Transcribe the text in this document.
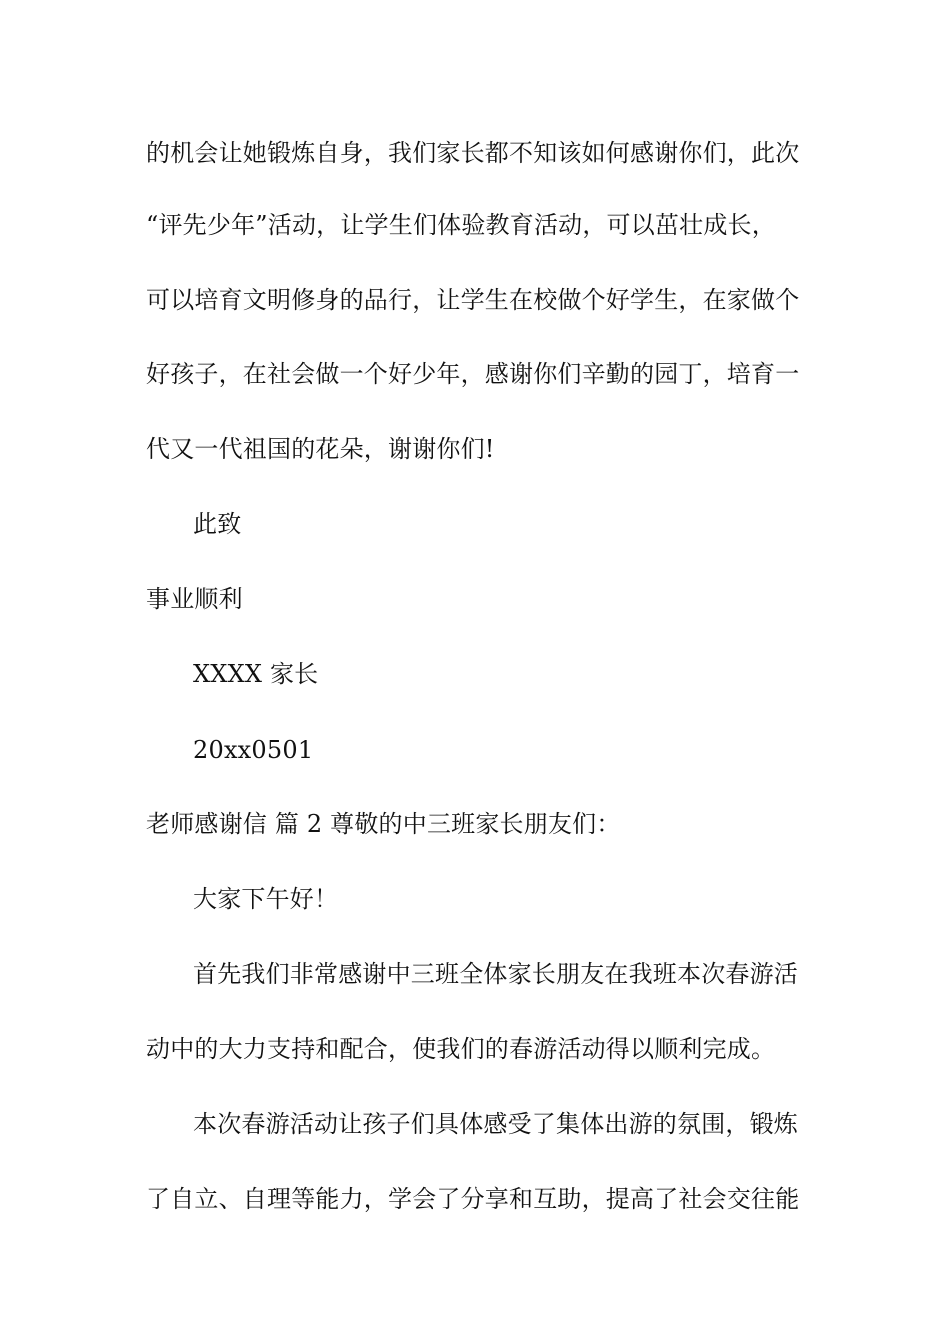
的机会让她锻炼自身，我们家长都不知该如何感谢你们，此次
“评先少年”活动，让学生们体验教育活动，可以茁壮成长，
可以培育文明修身的品行，让学生在校做个好学生，在家做个
好孩子，在社会做一个好少年，感谢你们辛勤的园丁，培育一
代又一代祖国的花朵，谢谢你们!
此致
事业顺利
XXXX 家长
20xx0501
老师感谢信 篇 2 尊敬的中三班家长朋友们：
大家下午好！
首先我们非常感谢中三班全体家长朋友在我班本次春游活
动中的大力支持和配合，使我们的春游活动得以顺利完成。
本次春游活动让孩子们具体感受了集体出游的氛围，锻炼
了自立、自理等能力，学会了分享和互助，提高了社会交往能
